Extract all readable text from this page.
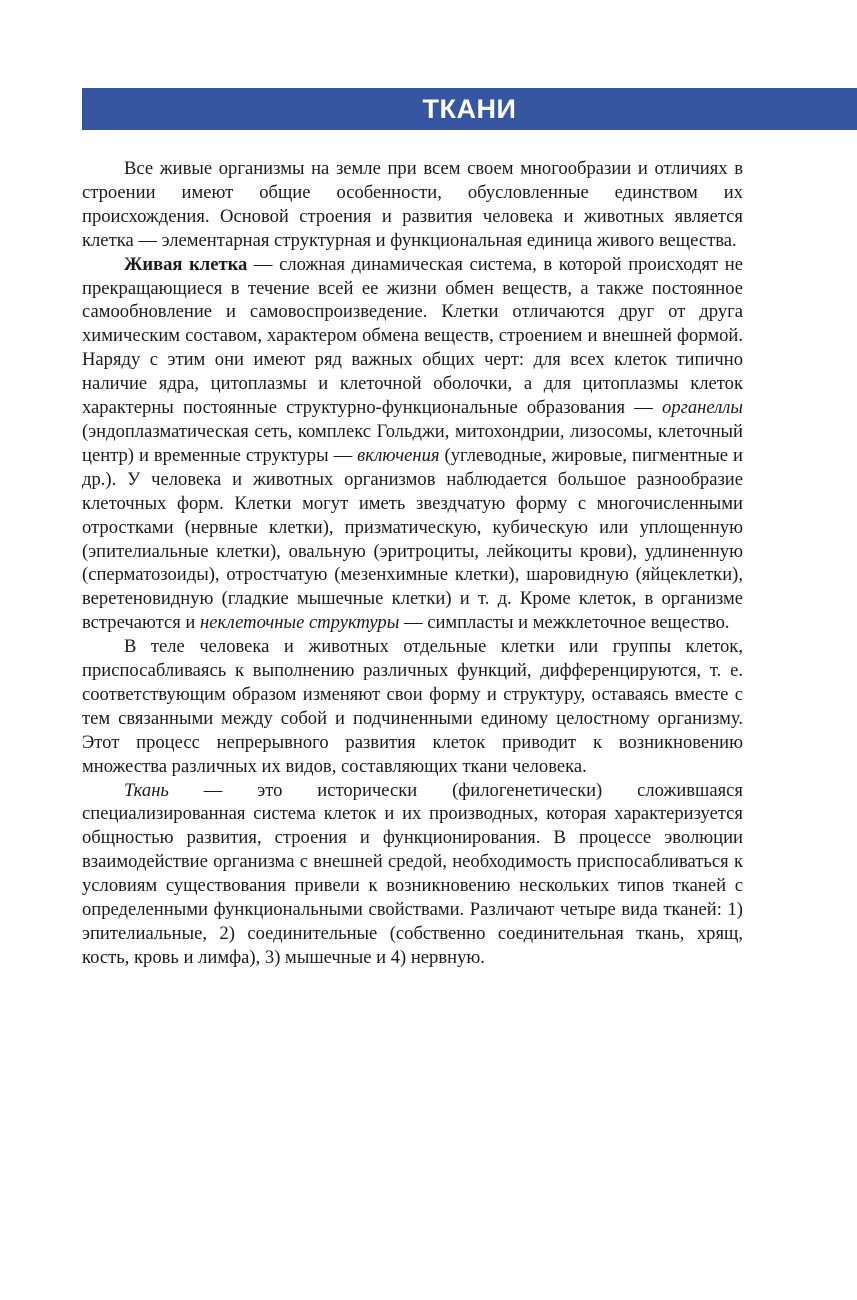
ТКАНИ

Все живые организмы на земле при всем своем многообразии и отличиях в строении имеют общие особенности, обусловленные единством их происхождения. Основой строения и развития человека и животных является клетка — элементарная структурная и функциональная единица живого вещества.

Живая клетка — сложная динамическая система, в которой происходят не прекращающиеся в течение всей ее жизни обмен веществ, а также постоянное самообновление и самовоспроизведение. Клетки отличаются друг от друга химическим составом, характером обмена веществ, строением и внешней формой. Наряду с этим они имеют ряд важных общих черт: для всех клеток типично наличие ядра, цитоплазмы и клеточной оболочки, а для цитоплазмы клеток характерны постоянные структурно-функциональные образования — органеллы (эндоплазматическая сеть, комплекс Гольджи, митохондрии, лизосомы, клеточный центр) и временные структуры — включения (углеводные, жировые, пигментные и др.). У человека и животных организмов наблюдается большое разнообразие клеточных форм. Клетки могут иметь звездчатую форму с многочисленными отростками (нервные клетки), призматическую, кубическую или уплощенную (эпителиальные клетки), овальную (эритроциты, лейкоциты крови), удлиненную (сперматозоиды), отростчатую (мезенхимные клетки), шаровидную (яйцеклетки), веретеновидную (гладкие мышечные клетки) и т. д. Кроме клеток, в организме встречаются и неклеточные структуры — симпласты и межклеточное вещество.

В теле человека и животных отдельные клетки или группы клеток, приспосабливаясь к выполнению различных функций, дифференцируются, т. е. соответствующим образом изменяют свои форму и структуру, оставаясь вместе с тем связанными между собой и подчиненными единому целостному организму. Этот процесс непрерывного развития клеток приводит к возникновению множества различных их видов, составляющих ткани человека.

Ткань — это исторически (филогенетически) сложившаяся специализированная система клеток и их производных, которая характеризуется общностью развития, строения и функционирования. В процессе эволюции взаимодействие организма с внешней средой, необходимость приспосабливаться к условиям существования привели к возникновению нескольких типов тканей с определенными функциональными свойствами. Различают четыре вида тканей: 1) эпителиальные, 2) соединительные (собственно соединительная ткань, хрящ, кость, кровь и лимфа), 3) мышечные и 4) нервную.
